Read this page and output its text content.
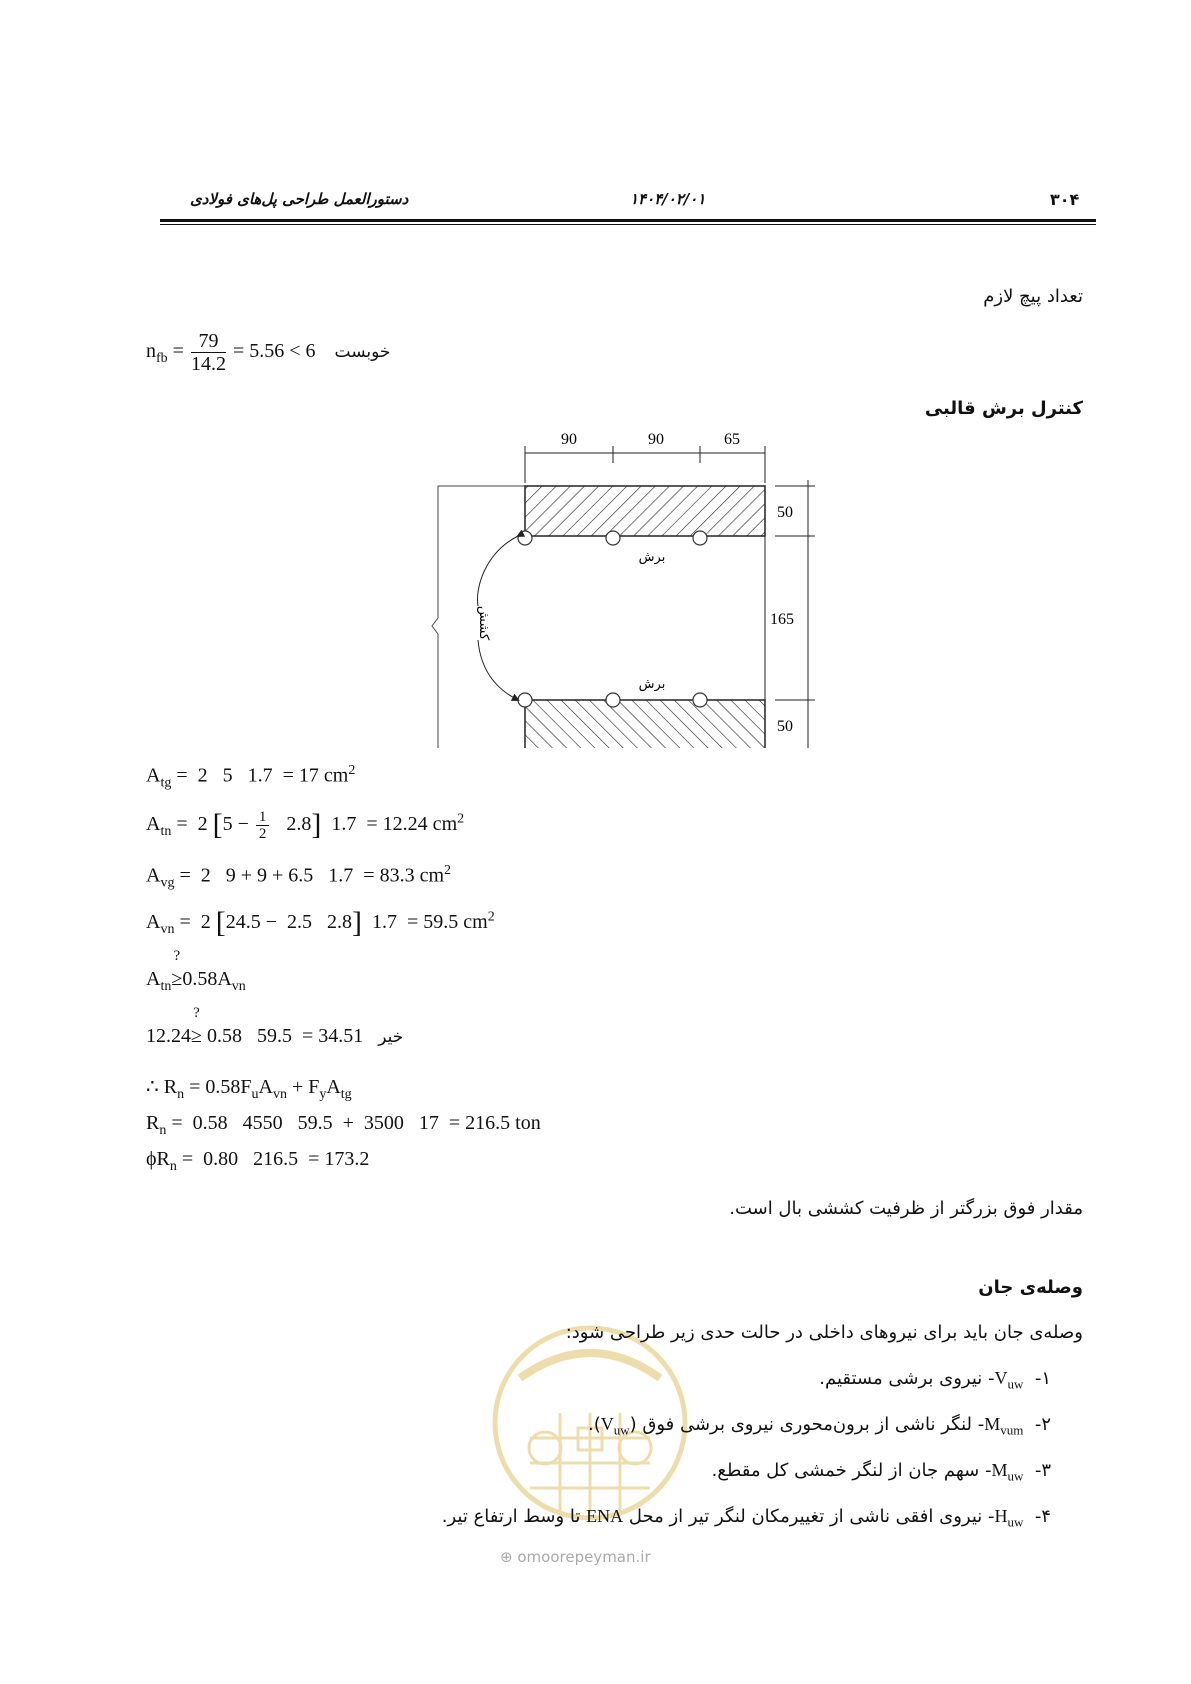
۳۰۴
۱۴۰۴/۰۲/۰۱
دستورالعمل طراحی پل‌های فولادی
تعداد پیچ لازم
$n_{fb} = \frac{79}{14.2} = 5.56 < 6$ خوبست
کنترل برش قالبی
90	90	65
برش
برش
کشش
50
165
50
$A_{tg} = 2$   5   1.7  = 17 $cm^2$
$A_{tn} = 2$ $[5 - \frac{1}{2} 2.8]$  1.7  = 12.24 $cm^2$
$A_{vg} = 2$   9 + 9 + 6.5   1.7  = 83.3 $cm^2$
$A_{vn} = 2$ [24.5 −  2.5   2.8]  1.7  = 59.5 $cm^2$
$A_{tn}$
?
$\ge 0.58A_{vn}$
12.24
?
≥ 0.58   59.5  = 34.51 خیر
∴ $R_n = 0.58F_uA_{vn} + F_yA_{tg}$
$R_n = 0.58$   4550   59.5  +  3500   17  = 216.5 ton
$\phi R_n = 0.80$   216.5  = 173.2
مقدار فوق بزرگتر از ظرفیت کششی بال است.
وصله‌ی جان
وصله‌ی جان باید برای نیروهای داخلی در حالت حدی زیر طراحی شود:
۱-  $V_{uw}-$ نیروی برشی مستقیم.
۲-  $M_{vum}-$ لنگر ناشی از برون‌محوری نیروی برشی فوق $(V_{uw})$.
۳-  $M_{uw}-$ سهم جان از لنگر خمشی کل مقطع.
۴-  $H_{uw}-$ نیروی افقی ناشی از تغییرمکان لنگر تیر از محل ENA تا وسط ارتفاع تیر.
⊕ omoorepeyman.ir
